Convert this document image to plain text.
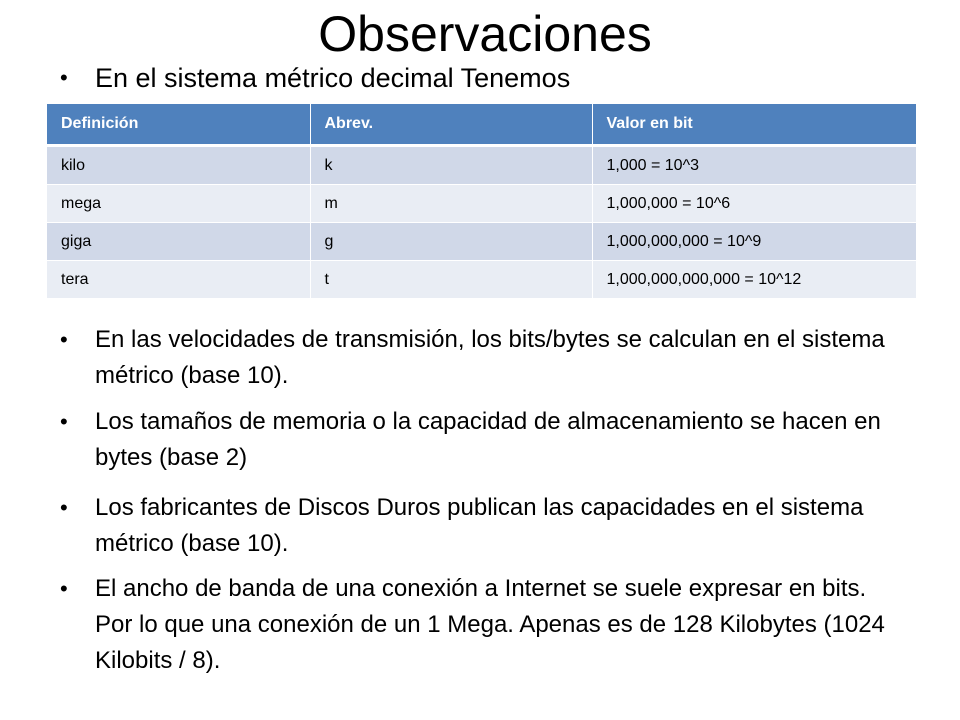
Observaciones
• En el sistema métrico decimal Tenemos
Definición	Abrev.	Valor en bit
kilo	k	1,000 = 10^3
mega	m	1,000,000 = 10^6
giga	g	1,000,000,000 = 10^9
tera	t	1,000,000,000,000 = 10^12
• En las velocidades de transmisión, los bits/bytes se calculan en el sistema métrico (base 10).
• Los tamaños de memoria o la capacidad de almacenamiento se hacen en bytes (base 2)
• Los fabricantes de Discos Duros publican las capacidades en el sistema métrico (base 10).
• El ancho de banda de una conexión a Internet se suele expresar en bits. Por lo que una conexión de un 1 Mega. Apenas es de 128 Kilobytes (1024 Kilobits / 8).
